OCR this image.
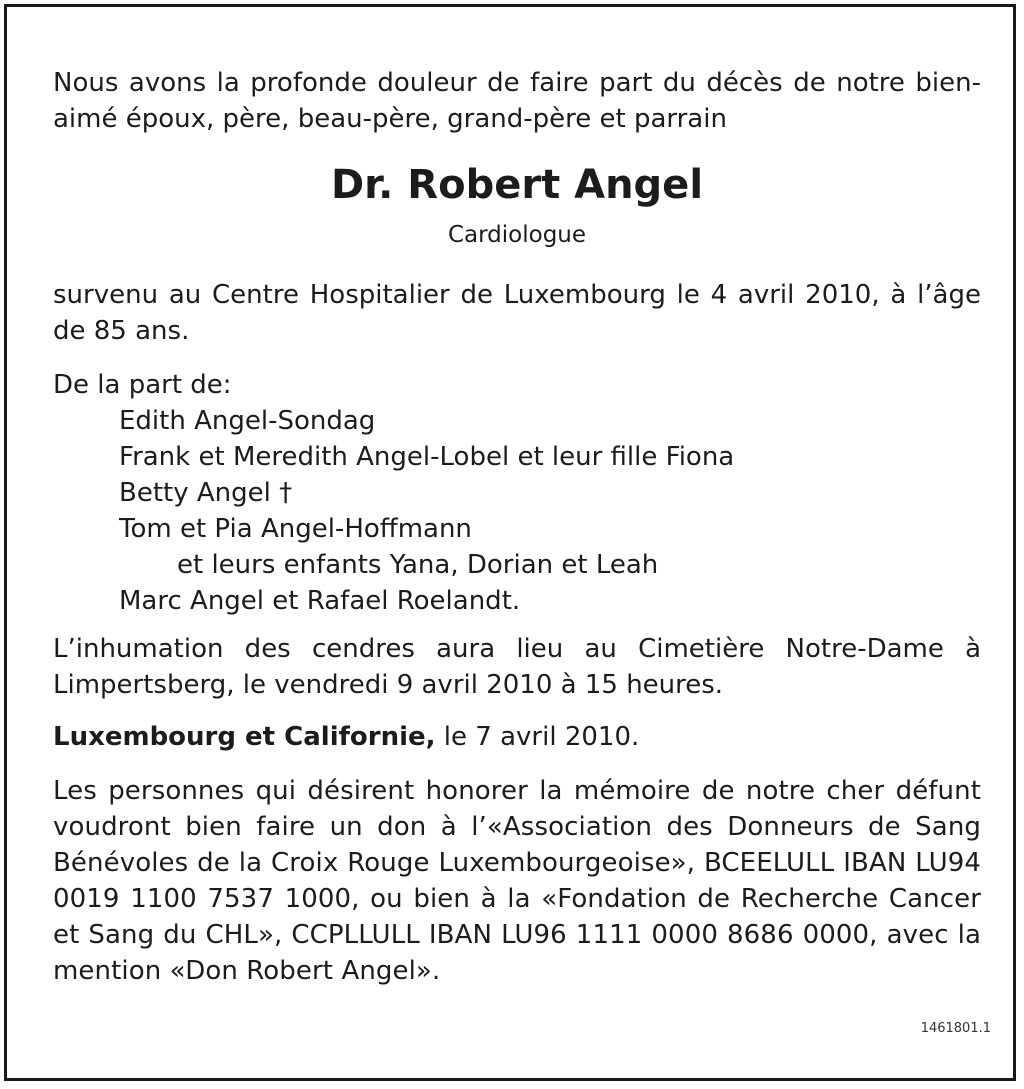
Nous avons la profonde douleur de faire part du décès de notre bien-aimé époux, père, beau-père, grand-père et parrain

Dr. Robert Angel

Cardiologue

survenu au Centre Hospitalier de Luxembourg le 4 avril 2010, à l’âge de 85 ans.

De la part de:

Edith Angel-Sondag

Frank et Meredith Angel-Lobel et leur fille Fiona

Betty Angel †

Tom et Pia Angel-Hoffmann

et leurs enfants Yana, Dorian et Leah

Marc Angel et Rafael Roelandt.

L’inhumation des cendres aura lieu au Cimetière Notre-Dame à Limpertsberg, le vendredi 9 avril 2010 à 15 heures.

Luxembourg et Californie, le 7 avril 2010.

Les personnes qui désirent honorer la mémoire de notre cher défunt voudront bien faire un don à l’«Association des Donneurs de Sang Bénévoles de la Croix Rouge Luxembourgeoise», BCEELULL IBAN LU94 0019 1100 7537 1000, ou bien à la «Fondation de Recherche Cancer et Sang du CHL», CCPLLULL IBAN LU96 1111 0000 8686 0000, avec la mention «Don Robert Angel».

1461801.1
